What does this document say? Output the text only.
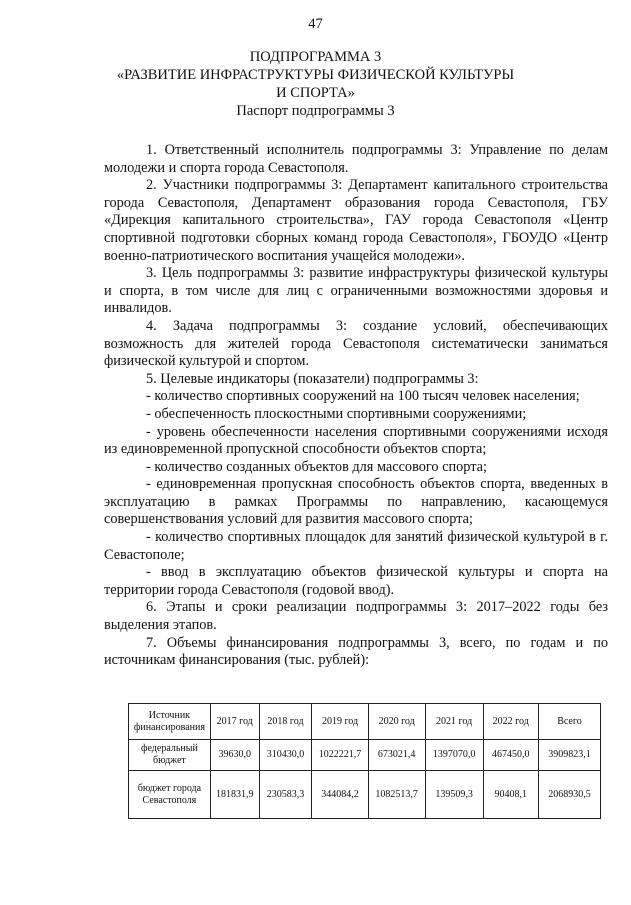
47
ПОДПРОГРАММА 3
«РАЗВИТИЕ ИНФРАСТРУКТУРЫ ФИЗИЧЕСКОЙ КУЛЬТУРЫ
И СПОРТА»
Паспорт подпрограммы 3

1. Ответственный исполнитель подпрограммы 3: Управление по делам молодежи и спорта города Севастополя.

2. Участники подпрограммы 3: Департамент капитального строительства города Севастополя, Департамент образования города Севастополя, ГБУ «Дирекция капитального строительства», ГАУ города Севастополя «Центр спортивной подготовки сборных команд города Севастополя», ГБОУДО «Центр военно-патриотического воспитания учащейся молодежи».

3. Цель подпрограммы 3: развитие инфраструктуры физической культуры и спорта, в том числе для лиц с ограниченными возможностями здоровья и инвалидов.

4. Задача подпрограммы 3: создание условий, обеспечивающих возможность для жителей города Севастополя систематически заниматься физической культурой и спортом.

5. Целевые индикаторы (показатели) подпрограммы 3:

- количество спортивных сооружений на 100 тысяч человек населения;

- обеспеченность плоскостными спортивными сооружениями;

- уровень обеспеченности населения спортивными сооружениями исходя из единовременной пропускной способности объектов спорта;

- количество созданных объектов для массового спорта;

- единовременная пропускная способность объектов спорта, введенных в эксплуатацию в рамках Программы по направлению, касающемуся совершенствования условий для развития массового спорта;

- количество спортивных площадок для занятий физической культурой в г. Севастополе;

- ввод в эксплуатацию объектов физической культуры и спорта на территории города Севастополя (годовой ввод).

6. Этапы и сроки реализации подпрограммы 3: 2017–2022 годы без выделения этапов.

7. Объемы финансирования подпрограммы 3, всего, по годам и по источникам финансирования (тыс. рублей):

Источник финансирования	2017 год	2018 год	2019 год	2020 год	2021 год	2022 год	Всего
федеральный бюджет	39630,0	310430,0	1022221,7	673021,4	1397070,0	467450,0	3909823,1
бюджет города Севастополя	181831,9	230583,3	344084,2	1082513,7	139509,3	90408,1	2068930,5
